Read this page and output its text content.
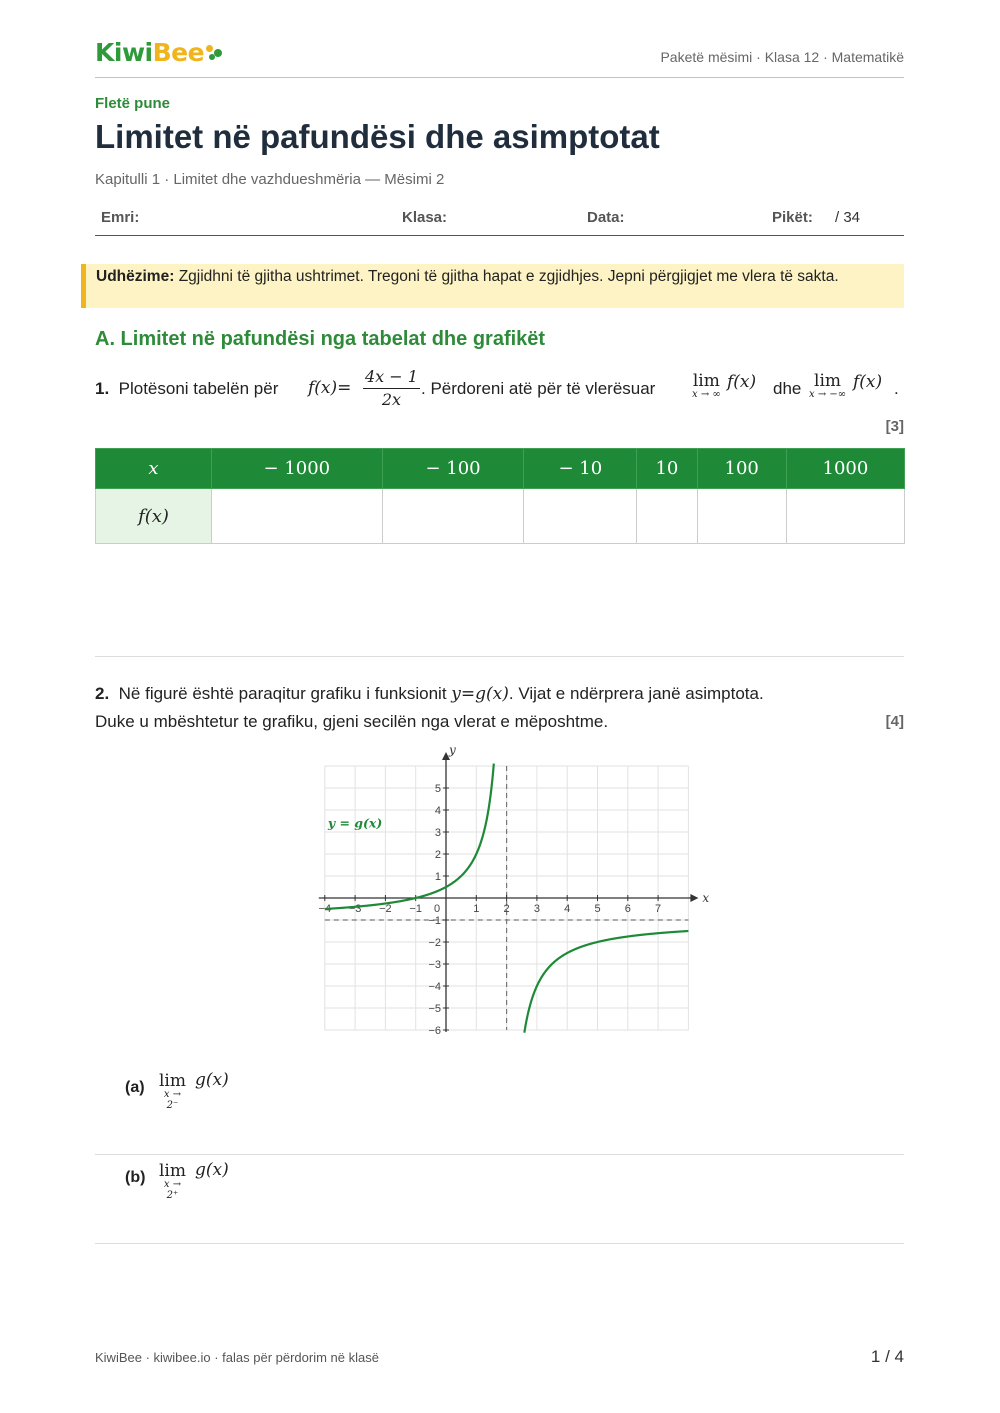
KiwiBee	Paketë mësimi · Klasa 12 · Matematikë
Fletë pune
Limitet në pafundësi dhe asimptotat
Kapitulli 1 · Limitet dhe vazhdueshmëria — Mësimi 2
Emri:	Klasa:	Data:	Pikët: / 34
Udhëzime: Zgjidhni të gjitha ushtrimet. Tregoni të gjitha hapat e zgjidhjes. Jepni përgjigjet me vlera të sakta.
A. Limitet në pafundësi nga tabelat dhe grafikët
1. Plotësoni tabelën për $f(x)= \frac{4x - 1}{2x}$ . Përdoreni atë për të vlerësuar lim
x → ∞
f(x) dhe lim
x → −∞
f(x) .
[3]
x	− 1000	− 100	− 10	10	100	1000
f(x)						
2. Në figurë është paraqitur grafiku i funksionit y=g(x). Vijat e ndërprera janë asimptota.
Duke u mbështetur te grafiku, gjeni secilën nga vlerat e mëposhtme.	[4]
x
y
−4 −3 −2 −1 0	1 2 3 4 5 6 7
1
2
3
4
5
−1
−2
−3
−4
−5
−6
y = g(x)
(a) lim
x → 2⁻
g(x)
(b) lim
x → 2⁺
g(x)
KiwiBee · kiwibee.io · falas për përdorim në klasë	1 / 4
